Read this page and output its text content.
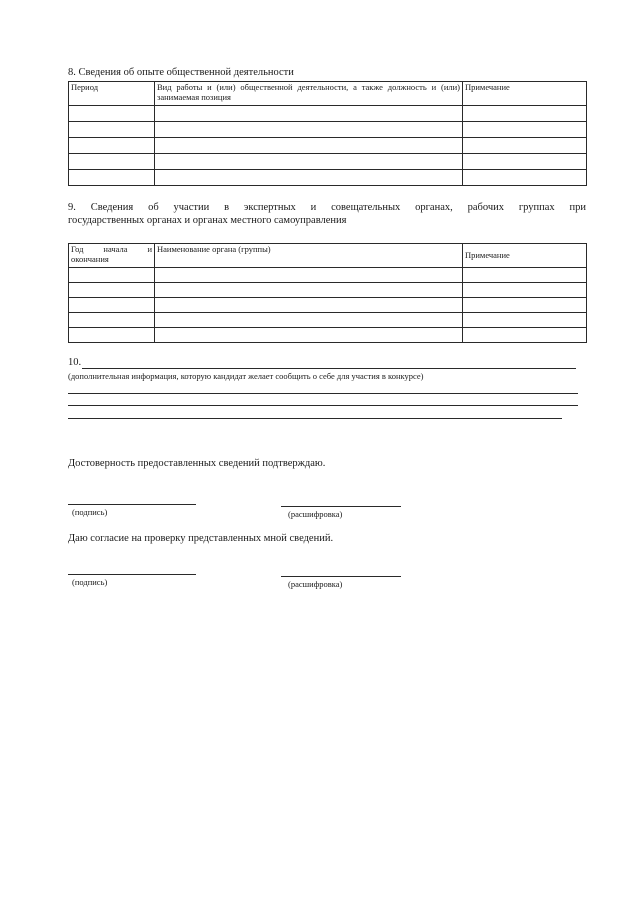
8. Сведения об опыте общественной деятельности
Период	Вид работы и (или) общественной деятельности, а также должность и (или) занимаемая позиция	Примечание

9. Сведения об участии в экспертных и совещательных органах, рабочих группах при
государственных органах и органах местного самоуправления
Год начала и окончания	Наименование органа (группы)	Примечание

10.
(дополнительная информация, которую кандидат желает сообщить о себе для участия в конкурсе)
Достоверность предоставленных сведений подтверждаю.
(подпись)	(расшифровка)
Даю согласие на проверку представленных мной сведений.
(подпись)	(расшифровка)
